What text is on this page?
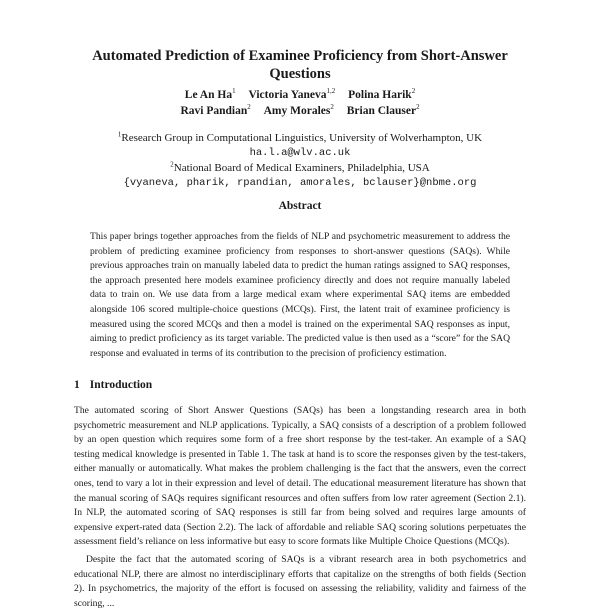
Automated Prediction of Examinee Proficiency from Short-Answer Questions
Le An Ha$^1$ Victoria Yaneva$^{1,2}$ Polina Harik$^2$
Ravi Pandian$^2$ Amy Morales$^2$ Brian Clauser$^2$
$^1$Research Group in Computational Linguistics, University of Wolverhampton, UK
ha.l.a@wlv.ac.uk
$^2$National Board of Medical Examiners, Philadelphia, USA
{vyaneva, pharik, rpandian, amorales, bclauser}@nbme.org
Abstract
This paper brings together approaches from the fields of NLP and psychometric measurement to address the problem of predicting examinee proficiency from responses to short-answer questions (SAQs). While previous approaches train on manually labeled data to predict the human ratings assigned to SAQ responses, the approach presented here models examinee proficiency directly and does not require manually labeled data to train on. We use data from a large medical exam where experimental SAQ items are embedded alongside 106 scored multiple-choice questions (MCQs). First, the latent trait of examinee proficiency is measured using the scored MCQs and then a model is trained on the experimental SAQ responses as input, aiming to predict proficiency as its target variable. The predicted value is then used as a “score” for the SAQ response and evaluated in terms of its contribution to the precision of proficiency estimation.
1 Introduction

The automated scoring of Short Answer Questions (SAQs) has been a longstanding research area in both psychometric measurement and NLP applications. Typically, a SAQ consists of a description of a problem followed by an open question which requires some form of a free short response by the test-taker. An example of a SAQ testing medical knowledge is presented in Table 1. The task at hand is to score the responses given by the test-takers, either manually or automatically. What makes the problem challenging is the fact that the answers, even the correct ones, tend to vary a lot in their expression and level of detail. The educational measurement literature has shown that the manual scoring of SAQs requires significant resources and often suffers from low rater agreement (Section 2.1). In NLP, the automated scoring of SAQ responses is still far from being solved and requires large amounts of expensive expert-rated data (Section 2.2). The lack of affordable and reliable SAQ scoring solutions perpetuates the assessment field’s reliance on less informative but easy to score formats like Multiple Choice Questions (MCQs).

Despite the fact that the automated scoring of SAQs is a vibrant research area in both psychometrics and educational NLP, there are almost no interdisciplinary efforts that capitalize on the strengths of both fields (Section 2). In psychometrics, the majority of the effort is focused on assessing the reliability, validity and fairness of the scoring, ...
